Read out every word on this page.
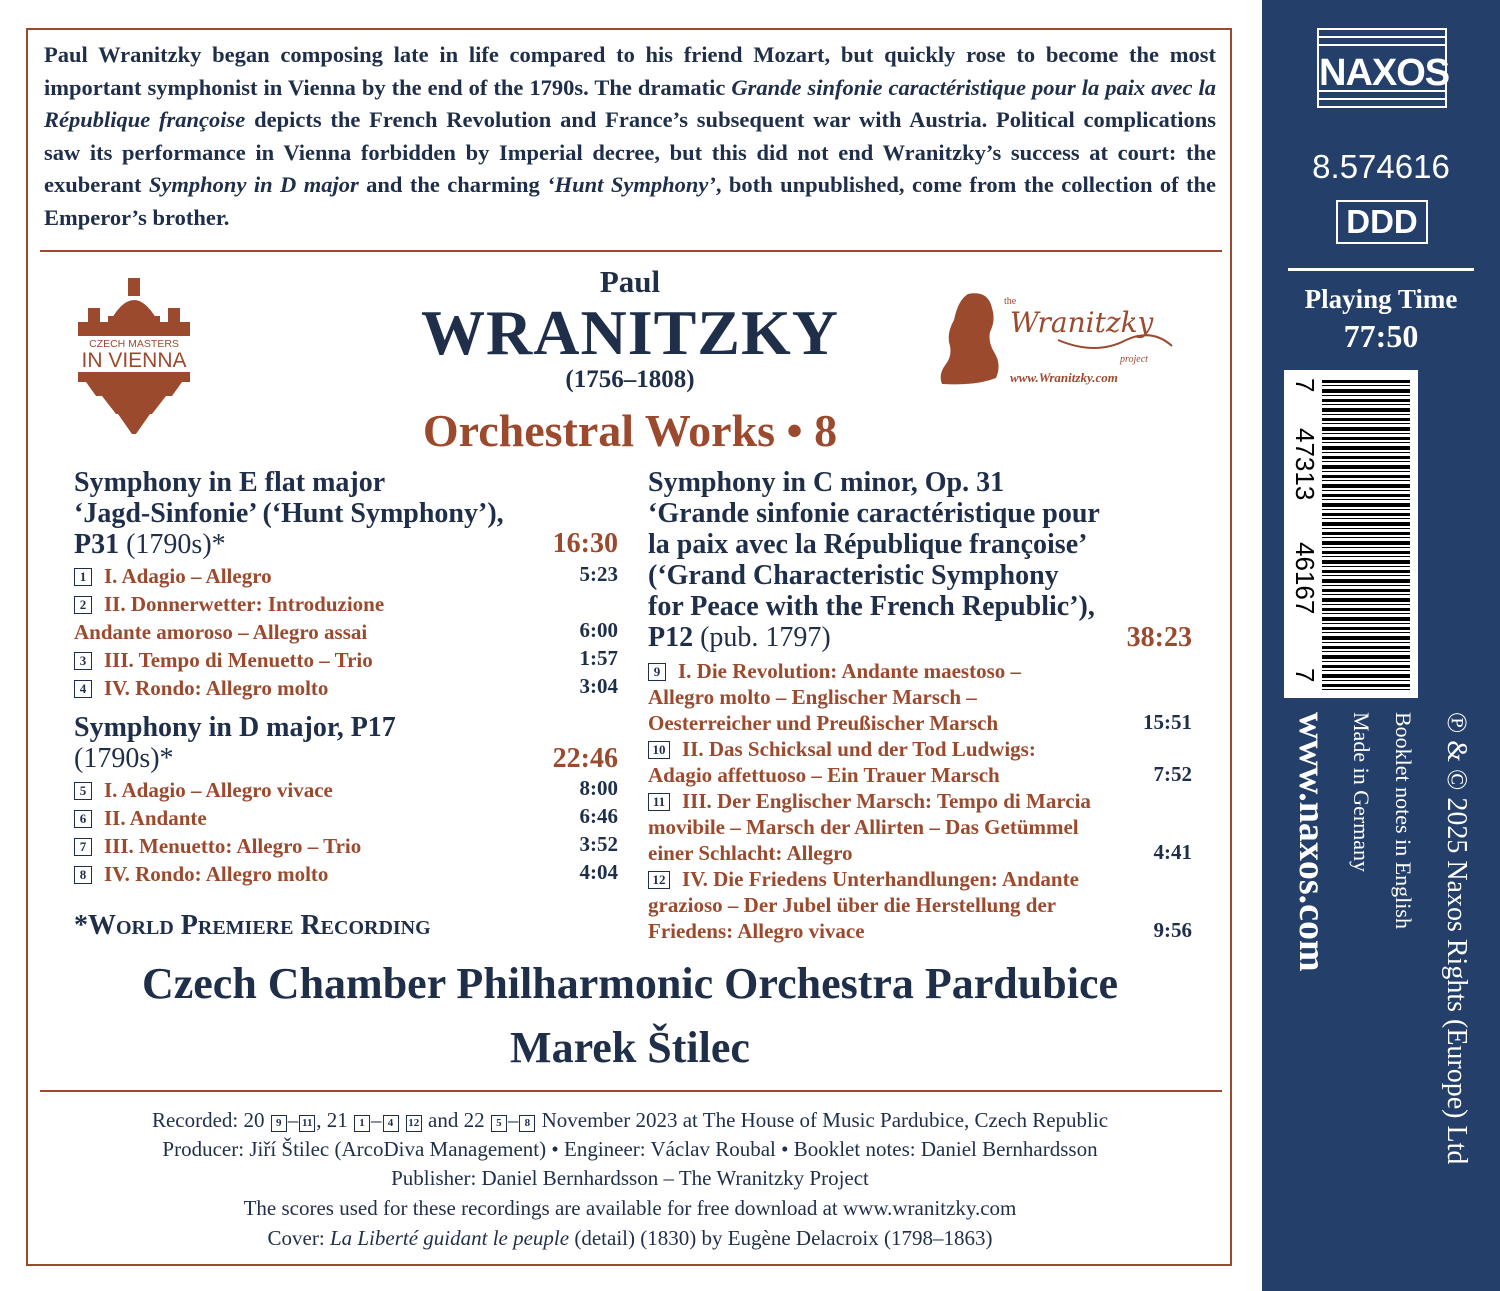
Paul Wranitzky began composing late in life compared to his friend Mozart, but quickly rose to become the most important symphonist in Vienna by the end of the 1790s. The dramatic Grande sinfonie caractéristique pour la paix avec la République françoise depicts the French Revolution and France’s subsequent war with Austria. Political complications saw its performance in Vienna forbidden by Imperial decree, but this did not end Wranitzky’s success at court: the exuberant Symphony in D major and the charming ‘Hunt Symphony’, both unpublished, come from the collection of the Emperor’s brother.
CZECH MASTERS
IN VIENNA
Paul
WRANITZKY
(1756–1808)
Orchestral Works • 8
the
Wranitzky
project
www.Wranitzky.com
Symphony in E flat major
‘Jagd-Sinfonie’ (‘Hunt Symphony’),
P31 (1790s)*	16:30
1 I. Adagio – Allegro	5:23
2 II. Donnerwetter: Introduzione
Andante amoroso – Allegro assai	6:00
3 III. Tempo di Menuetto – Trio	1:57
4 IV. Rondo: Allegro molto	3:04
Symphony in D major, P17
(1790s)*	22:46
5 I. Adagio – Allegro vivace	8:00
6 II. Andante	6:46
7 III. Menuetto: Allegro – Trio	3:52
8 IV. Rondo: Allegro molto	4:04
*World Premiere Recording
Symphony in C minor, Op. 31
‘Grande sinfonie caractéristique pour
la paix avec la République françoise’
(‘Grand Characteristic Symphony
for Peace with the French Republic’),
P12 (pub. 1797)	38:23
9 I. Die Revolution: Andante maestoso –
Allegro molto – Englischer Marsch –
Oesterreicher und Preußischer Marsch	15:51
10 II. Das Schicksal und der Tod Ludwigs:
Adagio affettuoso – Ein Trauer Marsch	7:52
11 III. Der Englischer Marsch: Tempo di Marcia
movibile – Marsch der Allirten – Das Getümmel
einer Schlacht: Allegro	4:41
12 IV. Die Friedens Unterhandlungen: Andante
grazioso – Der Jubel über die Herstellung der
Friedens: Allegro vivace	9:56
Czech Chamber Philharmonic Orchestra Pardubice
Marek Štilec
Recorded: 20 9 – 11 , 21 1 – 4 12 and 22 5 – 8 November 2023 at The House of Music Pardubice, Czech Republic
Producer: Jiří Štilec (ArcoDiva Management) • Engineer: Václav Roubal • Booklet notes: Daniel Bernhardsson
Publisher: Daniel Bernhardsson – The Wranitzky Project
The scores used for these recordings are available for free download at www.wranitzky.com
Cover: La Liberté guidant le peuple (detail) (1830) by Eugène Delacroix (1798–1863)
NAXOS
8.574616
DDD
Playing Time
77:50
7
47313
46167
7
www.naxos.com Made in Germany Booklet notes in English ℗ & © 2025 Naxos Rights (Europe) Ltd
